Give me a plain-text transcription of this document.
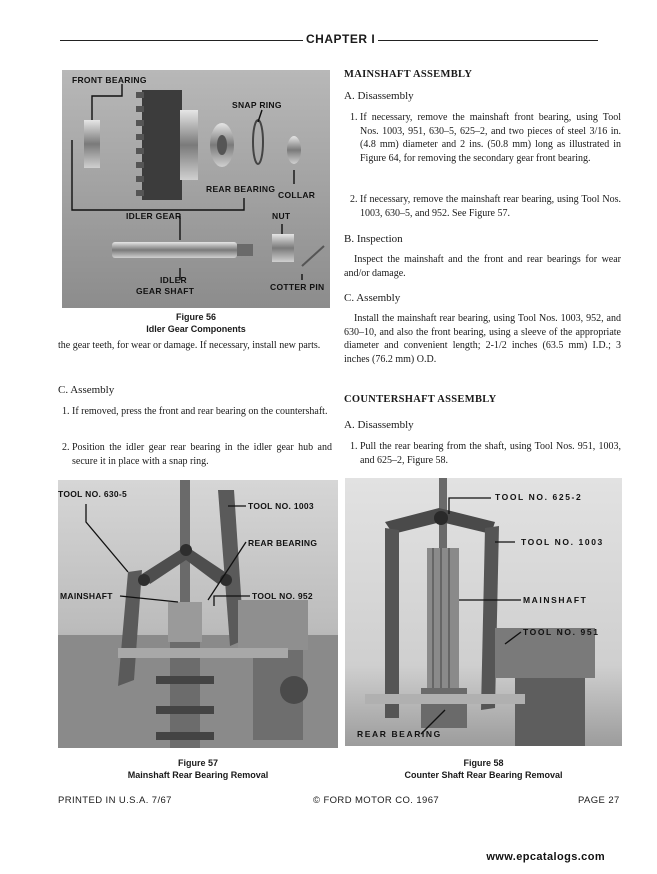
CHAPTER I
FRONT BEARING
SNAP RING
REAR BEARING
COLLAR
IDLER GEAR	NUT
IDLER
GEAR SHAFT	COTTER PIN
Figure 56
Idler Gear Components
the gear teeth, for wear or damage. If necessary, install new parts.
C. Assembly
1. If removed, press the front and rear bearing on the countershaft.
2. Position the idler gear rear bearing in the idler gear hub and secure it in place with a snap ring.
TOOL NO. 630-5
TOOL NO. 1003
REAR BEARING
MAINSHAFT	TOOL NO. 952
Figure 57
Mainshaft Rear Bearing Removal
MAINSHAFT ASSEMBLY
A. Disassembly
1. If necessary, remove the mainshaft front bearing, using Tool Nos. 1003, 951, 630–5, 625–2, and two pieces of steel 3/16 in. (4.8 mm) diameter and 2 ins. (50.8 mm) long as illustrated in Figure 64, for removing the secondary gear front bearing.
2. If necessary, remove the mainshaft rear bearing, using Tool Nos. 1003, 630–5, and 952. See Figure 57.
B. Inspection
Inspect the mainshaft and the front and rear bearings for wear and/or damage.
C. Assembly
Install the mainshaft rear bearing, using Tool Nos. 1003, 952, and 630–10, and also the front bearing, using a sleeve of the appropriate diameter and convenient length; 2-1/2 inches (63.5 mm) I.D.; 3 inches (76.2 mm) O.D.
COUNTERSHAFT ASSEMBLY
A. Disassembly
1. Pull the rear bearing from the shaft, using Tool Nos. 951, 1003, and 625–2, Figure 58.
TOOL NO. 625-2
TOOL NO. 1003
MAINSHAFT
TOOL NO. 951
REAR BEARING
Figure 58
Counter Shaft Rear Bearing Removal
PRINTED IN U.S.A. 7/67	© FORD MOTOR CO. 1967	PAGE 27
www.epcatalogs.com
